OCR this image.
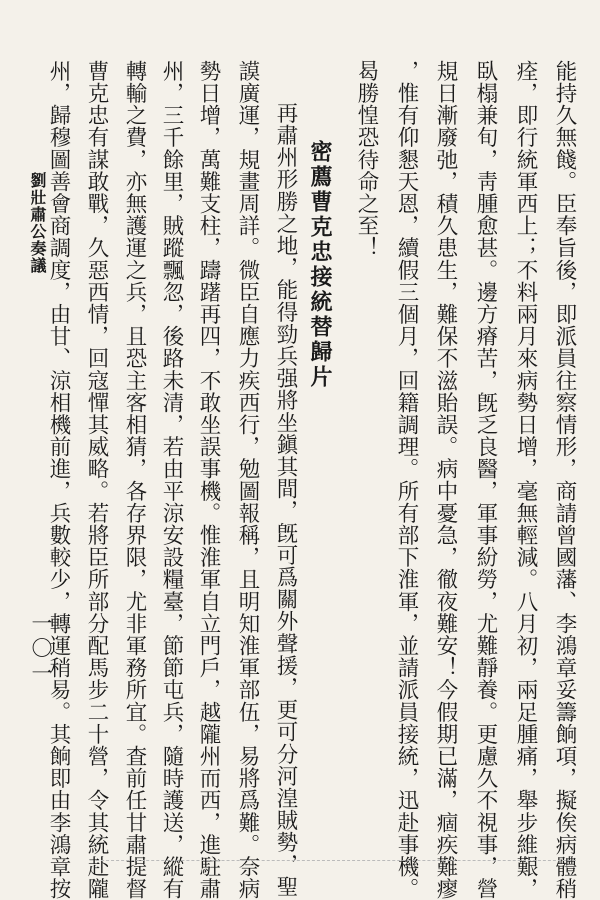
能持久無餞。臣奉旨後，即派員往察情形，商請曾國藩、李鴻章妥籌餉項，擬俟病體稍
痊，即行統軍西上；不料兩月來病勢日增，毫無輕減。八月初，兩足腫痛，舉步維艱，
臥榻兼旬，靑腫愈甚。邊方瘠苦，旣乏良醫，軍事紛勞，尤難靜養。更慮久不視事，營
規日漸廢弛，積久患生，難保不滋貽誤。病中憂急，徹夜難安！今假期已滿，痼疾難瘳
，惟有仰懇天恩，續假三個月，回籍調理。所有部下淮軍，並請派員接統，迅赴事機。
曷勝惶恐待命之至！
密薦曹克忠接統替歸片
再肅州形勝之地，能得勁兵强將坐鎭其間，旣可爲關外聲援，更可分河湟賊勢，聖
謨廣運，規畫周詳。微臣自應力疾西行，勉圖報稱，且明知淮軍部伍，易將爲難。奈病
勢日增，萬難支柱，躊躇再四，不敢坐誤事機。惟淮軍自立門戶，越隴州而西，進駐肅
州，三千餘里，賊蹤飄忽，後路未清，若由平涼安設糧臺，節節屯兵，隨時護送，縱有
轉輸之費，亦無護運之兵，且恐主客相猜，各存界限，尤非軍務所宜。査前任甘肅提督
曹克忠有謀敢戰，久惡西情，回寇憚其威略。若將臣所部分配馬步二十營，令其統赴隴
州，歸穆圖善會商調度，由甘、涼相機前進，兵數較少，轉運稍易。其餉即由李鴻章按
劉壯肅公奏議
一〇一
